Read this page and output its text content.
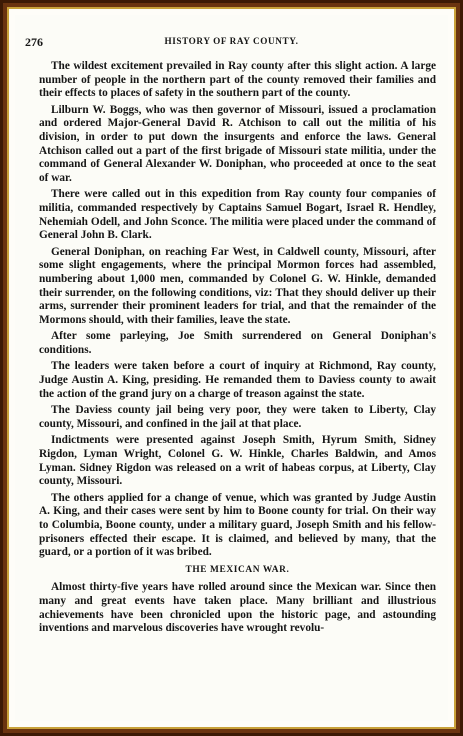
276	HISTORY OF RAY COUNTY.

The wildest excitement prevailed in Ray county after this slight action. A large number of people in the northern part of the county removed their families and their effects to places of safety in the southern part of the county.

Lilburn W. Boggs, who was then governor of Missouri, issued a proclamation and ordered Major-General David R. Atchison to call out the militia of his division, in order to put down the insurgents and enforce the laws. General Atchison called out a part of the first brigade of Missouri state militia, under the command of General Alexander W. Doniphan, who proceeded at once to the seat of war.

There were called out in this expedition from Ray county four companies of militia, commanded respectively by Captains Samuel Bogart, Israel R. Hendley, Nehemiah Odell, and John Sconce. The militia were placed under the command of General John B. Clark.

General Doniphan, on reaching Far West, in Caldwell county, Missouri, after some slight engagements, where the principal Mormon forces had assembled, numbering about 1,000 men, commanded by Colonel G. W. Hinkle, demanded their surrender, on the following conditions, viz: That they should deliver up their arms, surrender their prominent leaders for trial, and that the remainder of the Mormons should, with their families, leave the state.

After some parleying, Joe Smith surrendered on General Doniphan's conditions.

The leaders were taken before a court of inquiry at Richmond, Ray county, Judge Austin A. King, presiding. He remanded them to Daviess county to await the action of the grand jury on a charge of treason against the state.

The Daviess county jail being very poor, they were taken to Liberty, Clay county, Missouri, and confined in the jail at that place.

Indictments were presented against Joseph Smith, Hyrum Smith, Sidney Rigdon, Lyman Wright, Colonel G. W. Hinkle, Charles Baldwin, and Amos Lyman. Sidney Rigdon was released on a writ of habeas corpus, at Liberty, Clay county, Missouri.

The others applied for a change of venue, which was granted by Judge Austin A. King, and their cases were sent by him to Boone county for trial. On their way to Columbia, Boone county, under a military guard, Joseph Smith and his fellow-prisoners effected their escape. It is claimed, and believed by many, that the guard, or a portion of it was bribed.

THE MEXICAN WAR.

Almost thirty-five years have rolled around since the Mexican war. Since then many and great events have taken place. Many brilliant and illustrious achievements have been chronicled upon the historic page, and astounding inventions and marvelous discoveries have wrought revolu-
